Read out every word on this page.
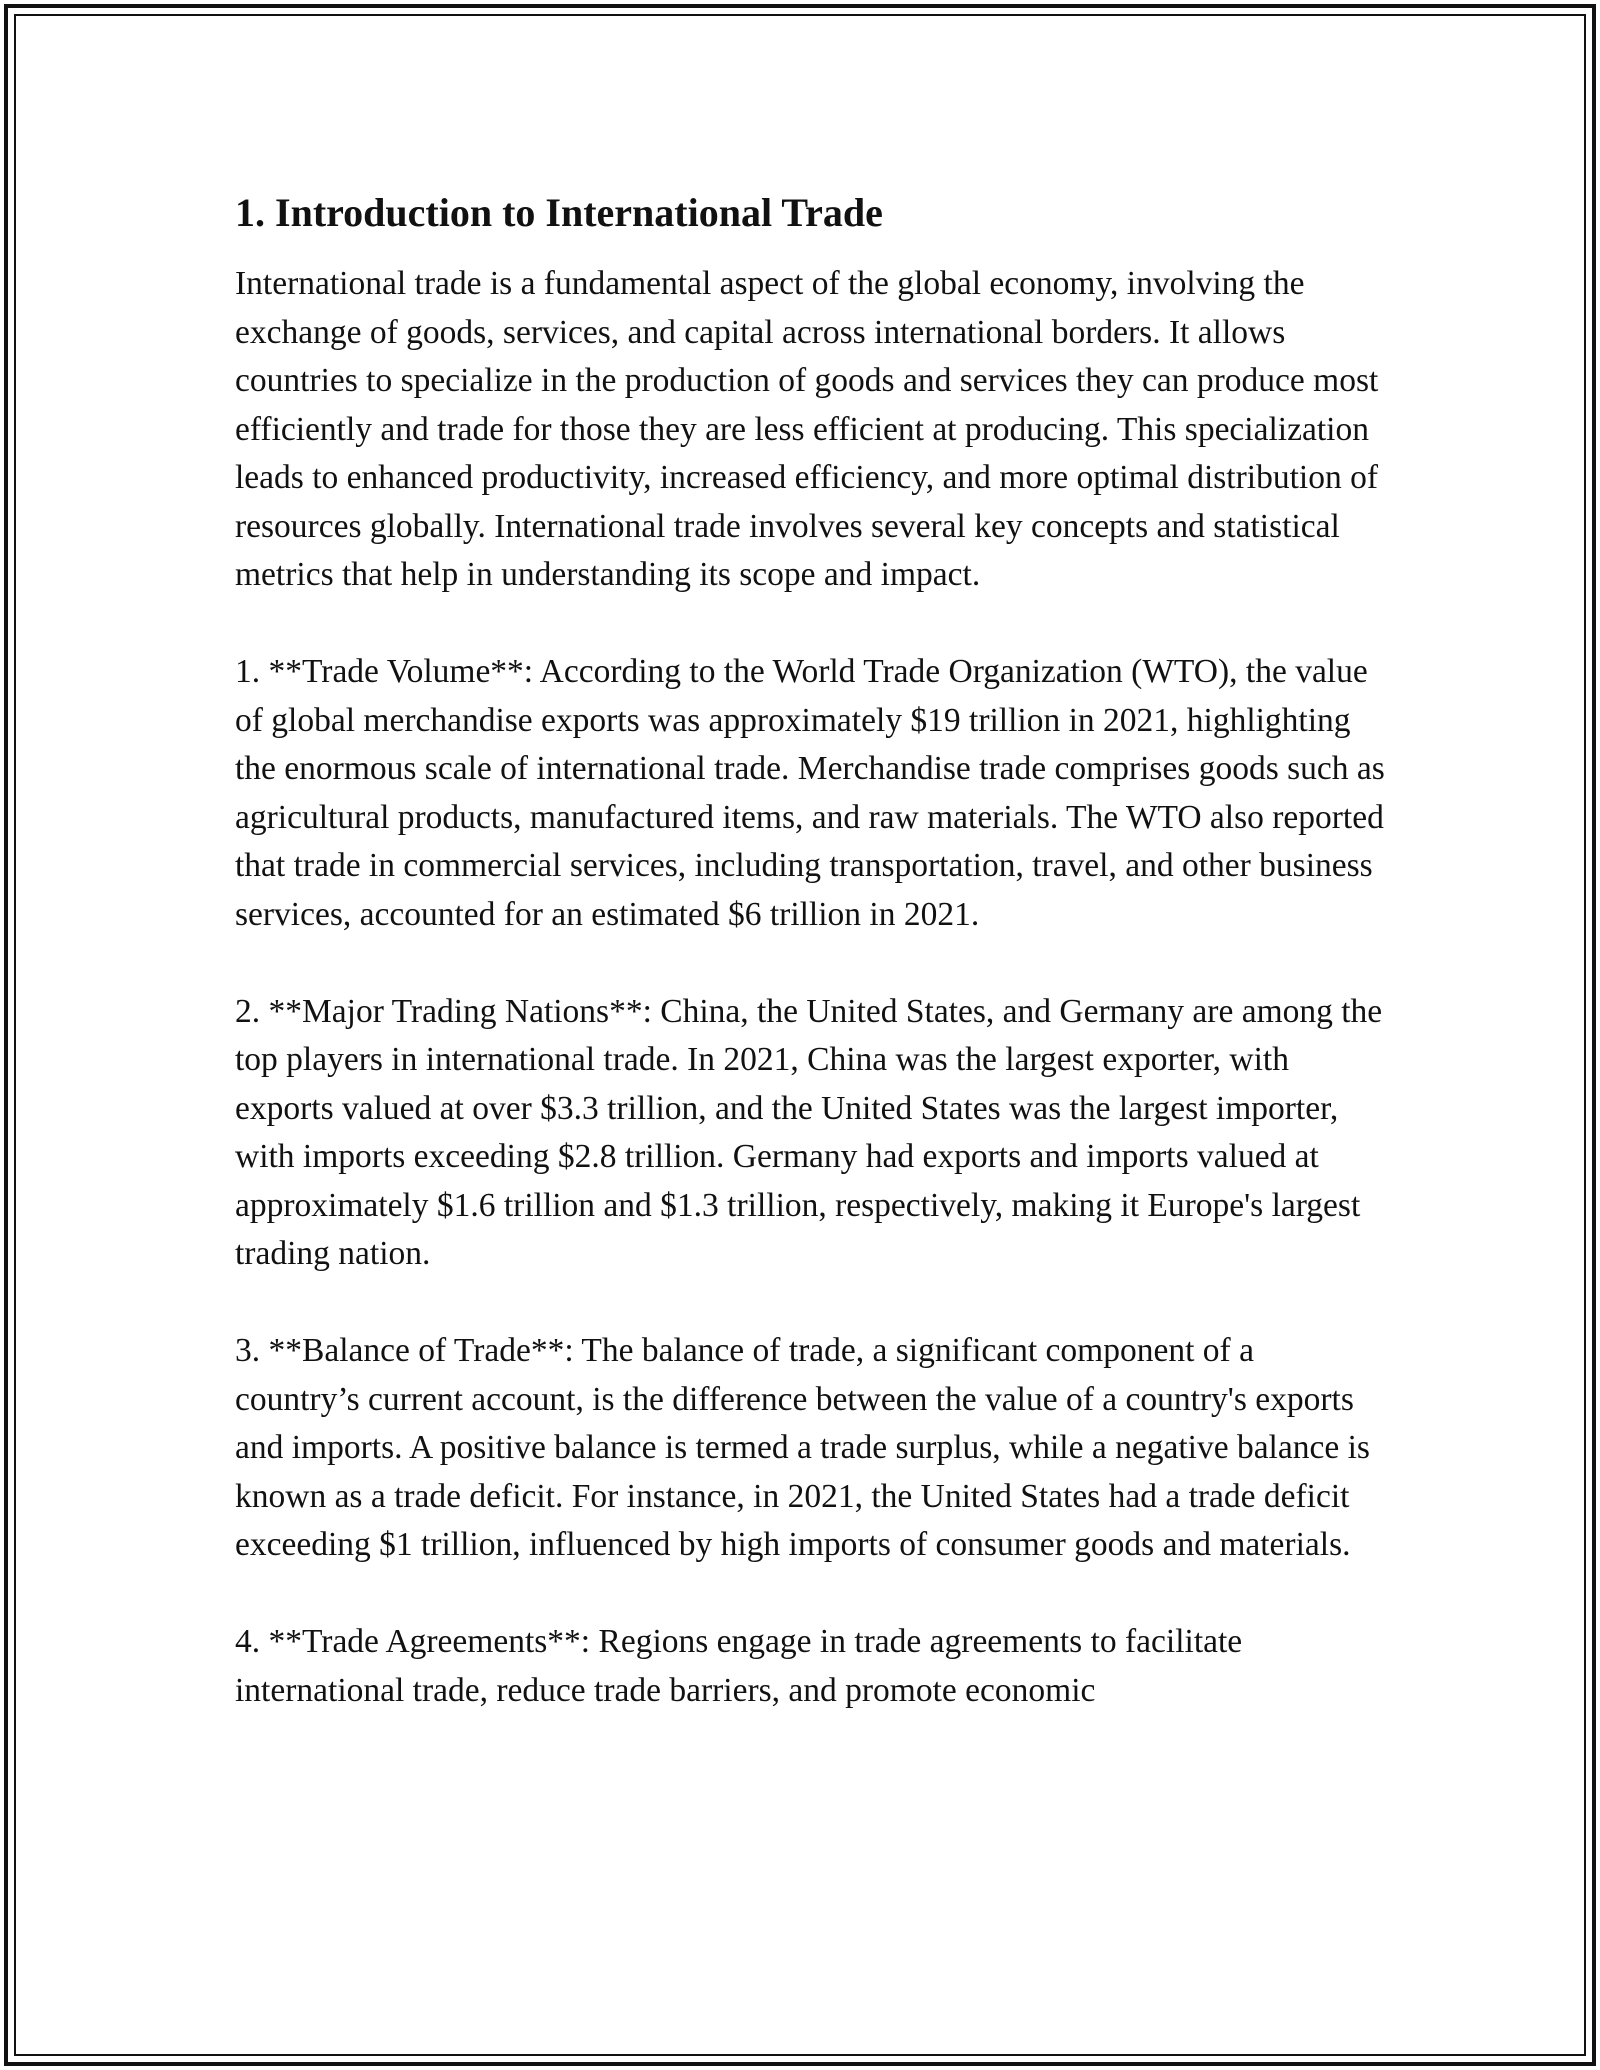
1. Introduction to International Trade

International trade is a fundamental aspect of the global economy, involving the exchange of goods, services, and capital across international borders. It allows countries to specialize in the production of goods and services they can produce most efficiently and trade for those they are less efficient at producing. This specialization leads to enhanced productivity, increased efficiency, and more optimal distribution of resources globally. International trade involves several key concepts and statistical metrics that help in understanding its scope and impact.

1. **Trade Volume**: According to the World Trade Organization (WTO), the value of global merchandise exports was approximately $19 trillion in 2021, highlighting the enormous scale of international trade. Merchandise trade comprises goods such as agricultural products, manufactured items, and raw materials. The WTO also reported that trade in commercial services, including transportation, travel, and other business services, accounted for an estimated $6 trillion in 2021.

2. **Major Trading Nations**: China, the United States, and Germany are among the top players in international trade. In 2021, China was the largest exporter, with exports valued at over $3.3 trillion, and the United States was the largest importer, with imports exceeding $2.8 trillion. Germany had exports and imports valued at approximately $1.6 trillion and $1.3 trillion, respectively, making it Europe's largest trading nation.

3. **Balance of Trade**: The balance of trade, a significant component of a country’s current account, is the difference between the value of a country's exports and imports. A positive balance is termed a trade surplus, while a negative balance is known as a trade deficit. For instance, in 2021, the United States had a trade deficit exceeding $1 trillion, influenced by high imports of consumer goods and materials.

4. **Trade Agreements**: Regions engage in trade agreements to facilitate international trade, reduce trade barriers, and promote economic
